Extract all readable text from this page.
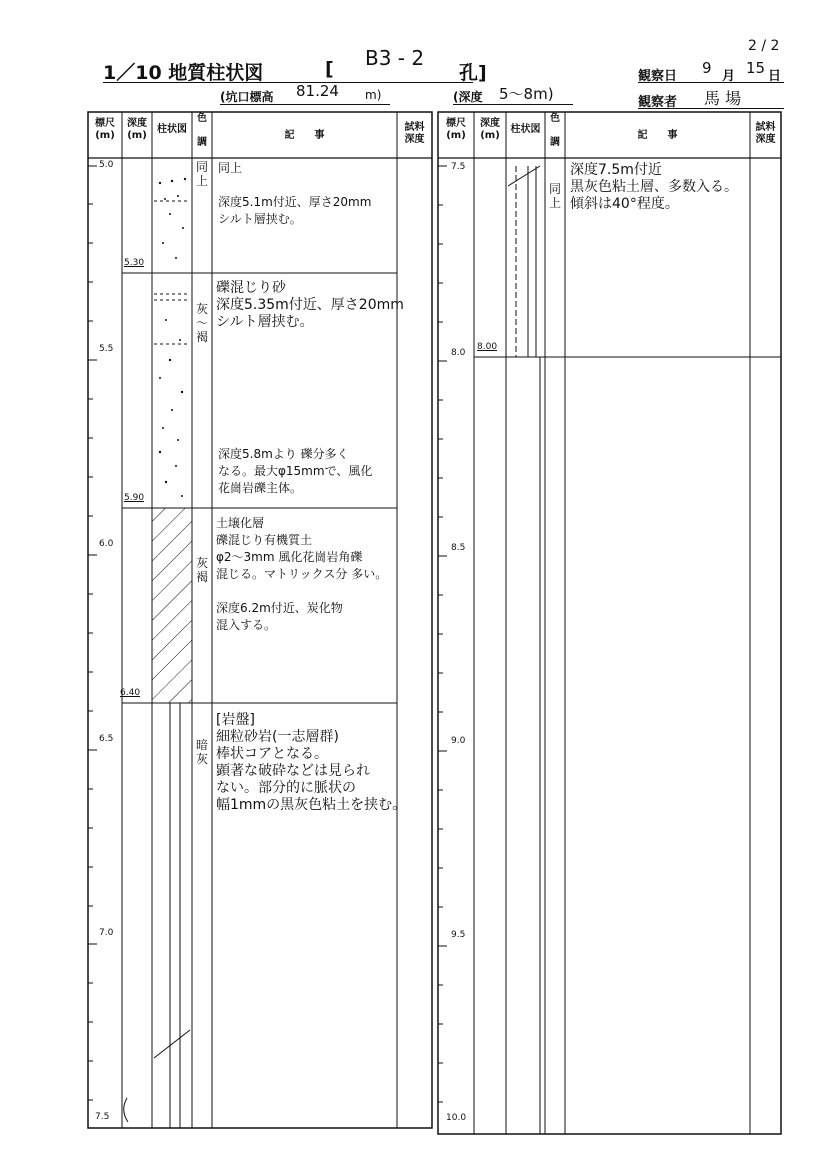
2 / 2
1／10 地質柱状図	[ B3 - 2
孔]
(坑口標高 81.24 m)	(深度 5～8m)
観察日 9 月 15 日
観察者 馬 場
標尺
(m)
深度
(m)
柱状図
色

調
記　　事
試料
深度
標尺
(m)
深度
(m)
柱状図
色

調
記　　事
試料
深度
5.0
5.5
6.0
6.5
7.0
7.5
5.30
5.90
6.40
同
上
灰
〜
褐
灰
褐
暗
灰
同上

深度5.1m付近、厚さ20mm
シルト層挟む。
礫混じり砂
深度5.35m付近、厚さ20mm
シルト層挟む。
深度5.8mより 礫分多く
なる。最大φ15mmで、風化
花崗岩礫主体。
土壌化層
礫混じり有機質土
φ2～3mm 風化花崗岩角礫
混じる。マトリックス分 多い。

深度6.2m付近、炭化物
混入する。
[岩盤]
細粒砂岩(一志層群)
棒状コアとなる。
顕著な破砕などは見られ
ない。部分的に脈状の
幅1mmの黒灰色粘土を挟む。
7.5
8.0
8.5
9.0
9.5
10.0
8.00
同
上
深度7.5m付近
黒灰色粘土層、多数入る。
傾斜は40°程度。
